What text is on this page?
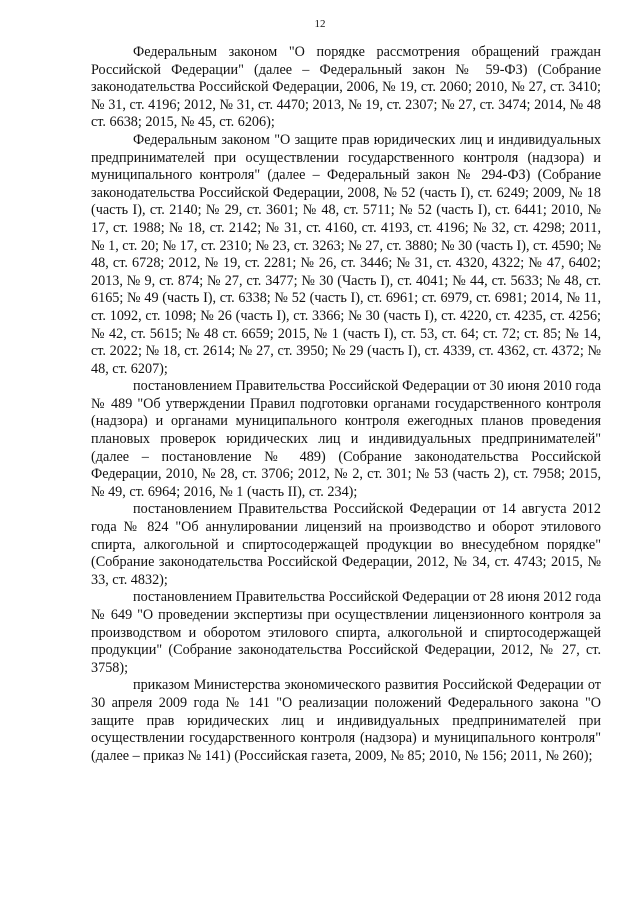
12

Федеральным законом "О порядке рассмотрения обращений граждан Российской Федерации" (далее – Федеральный закон № 59-ФЗ) (Собрание законодательства Российской Федерации, 2006, № 19, ст. 2060; 2010, № 27, ст. 3410; № 31, ст. 4196; 2012, № 31, ст. 4470; 2013, № 19, ст. 2307; № 27, ст. 3474; 2014, № 48 ст. 6638; 2015, № 45, ст. 6206);

Федеральным законом "О защите прав юридических лиц и индивидуальных предпринимателей при осуществлении государственного контроля (надзора) и муниципального контроля" (далее – Федеральный закон № 294-ФЗ) (Собрание законодательства Российской Федерации, 2008, № 52 (часть I), ст. 6249; 2009, № 18 (часть I), ст. 2140; № 29, ст. 3601; № 48, ст. 5711; № 52 (часть I), ст. 6441; 2010, № 17, ст. 1988; № 18, ст. 2142; № 31, ст. 4160, ст. 4193, ст. 4196; № 32, ст. 4298; 2011, № 1, ст. 20; № 17, ст. 2310; № 23, ст. 3263; № 27, ст. 3880; № 30 (часть I), ст. 4590; № 48, ст. 6728; 2012, № 19, ст. 2281; № 26, ст. 3446; № 31, ст. 4320, 4322; № 47, 6402; 2013, № 9, ст. 874; № 27, ст. 3477; № 30 (Часть I), ст. 4041; № 44, ст. 5633; № 48, ст. 6165; № 49 (часть I), ст. 6338; № 52 (часть I), ст. 6961; ст. 6979, ст. 6981; 2014, № 11, ст. 1092, ст. 1098; № 26 (часть I), ст. 3366; № 30 (часть I), ст. 4220, ст. 4235, ст. 4256; № 42, ст. 5615; № 48 ст. 6659; 2015, № 1 (часть I), ст. 53, ст. 64; ст. 72; ст. 85; № 14, ст. 2022; № 18, ст. 2614; № 27, ст. 3950; № 29 (часть I), ст. 4339, ст. 4362, ст. 4372; № 48, ст. 6207);

постановлением Правительства Российской Федерации от 30 июня 2010 года № 489 "Об утверждении Правил подготовки органами государственного контроля (надзора) и органами муниципального контроля ежегодных планов проведения плановых проверок юридических лиц и индивидуальных предпринимателей" (далее – постановление № 489) (Собрание законодательства Российской Федерации, 2010, № 28, ст. 3706; 2012, № 2, ст. 301; № 53 (часть 2), ст. 7958; 2015, № 49, ст. 6964; 2016, № 1 (часть II), ст. 234);

постановлением Правительства Российской Федерации от 14 августа 2012 года № 824 "Об аннулировании лицензий на производство и оборот этилового спирта, алкогольной и спиртосодержащей продукции во внесудебном порядке" (Собрание законодательства Российской Федерации, 2012, № 34, ст. 4743; 2015, № 33, ст. 4832);

постановлением Правительства Российской Федерации от 28 июня 2012 года № 649 "О проведении экспертизы при осуществлении лицензионного контроля за производством и оборотом этилового спирта, алкогольной и спиртосодержащей продукции" (Собрание законодательства Российской Федерации, 2012, № 27, ст. 3758);

приказом Министерства экономического развития Российской Федерации от 30 апреля 2009 года № 141 "О реализации положений Федерального закона "О защите прав юридических лиц и индивидуальных предпринимателей при осуществлении государственного контроля (надзора) и муниципального контроля" (далее – приказ № 141) (Российская газета, 2009, № 85; 2010, № 156; 2011, № 260);
